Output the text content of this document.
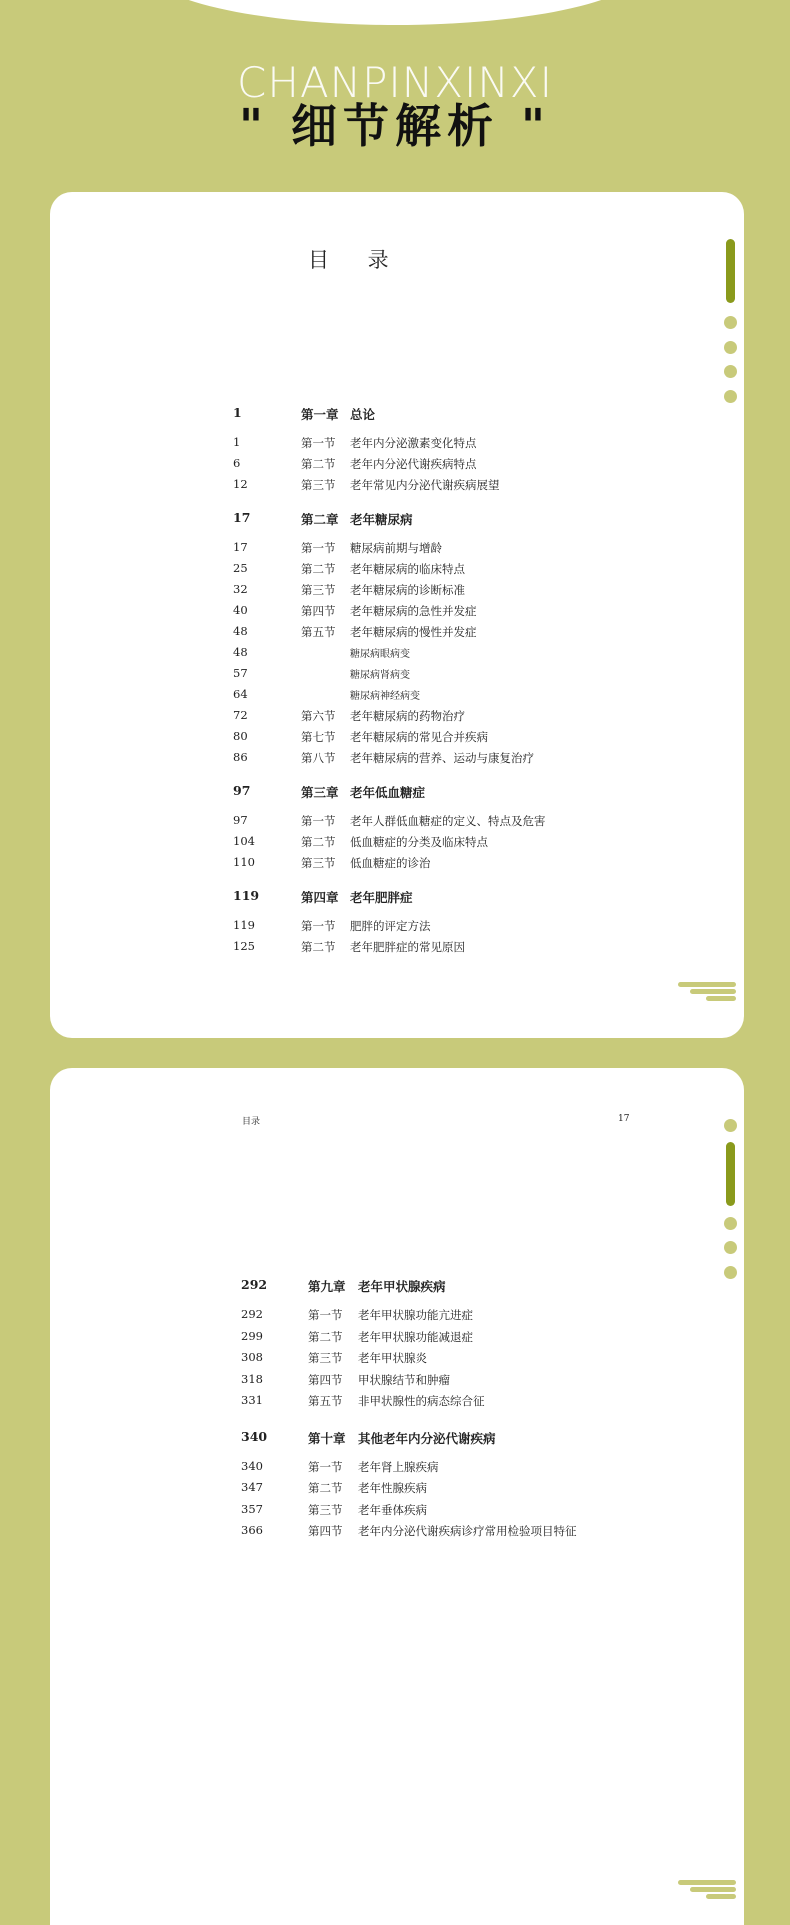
CHANPINXINXI
" 细节解析 "
目 录
1	第一章 总论
1	第一节 老年内分泌激素变化特点
6	第二节 老年内分泌代谢疾病特点
12	第三节 老年常见内分泌代谢疾病展望
17	第二章 老年糖尿病
17	第一节 糖尿病前期与增龄
25	第二节 老年糖尿病的临床特点
32	第三节 老年糖尿病的诊断标准
40	第四节 老年糖尿病的急性并发症
48	第五节 老年糖尿病的慢性并发症
48	糖尿病眼病变
57	糖尿病肾病变
64	糖尿病神经病变
72	第六节 老年糖尿病的药物治疗
80	第七节 老年糖尿病的常见合并疾病
86	第八节 老年糖尿病的营养、运动与康复治疗
97	第三章 老年低血糖症
97	第一节 老年人群低血糖症的定义、特点及危害
104	第二节 低血糖症的分类及临床特点
110	第三节 低血糖症的诊治
119	第四章 老年肥胖症
119	第一节 肥胖的评定方法
125	第二节 老年肥胖症的常见原因
目录	17
292	第九章 老年甲状腺疾病
292	第一节 老年甲状腺功能亢进症
299	第二节 老年甲状腺功能减退症
308	第三节 老年甲状腺炎
318	第四节 甲状腺结节和肿瘤
331	第五节 非甲状腺性的病态综合征
340	第十章 其他老年内分泌代谢疾病
340	第一节 老年肾上腺疾病
347	第二节 老年性腺疾病
357	第三节 老年垂体疾病
366	第四节 老年内分泌代谢疾病诊疗常用检验项目特征
